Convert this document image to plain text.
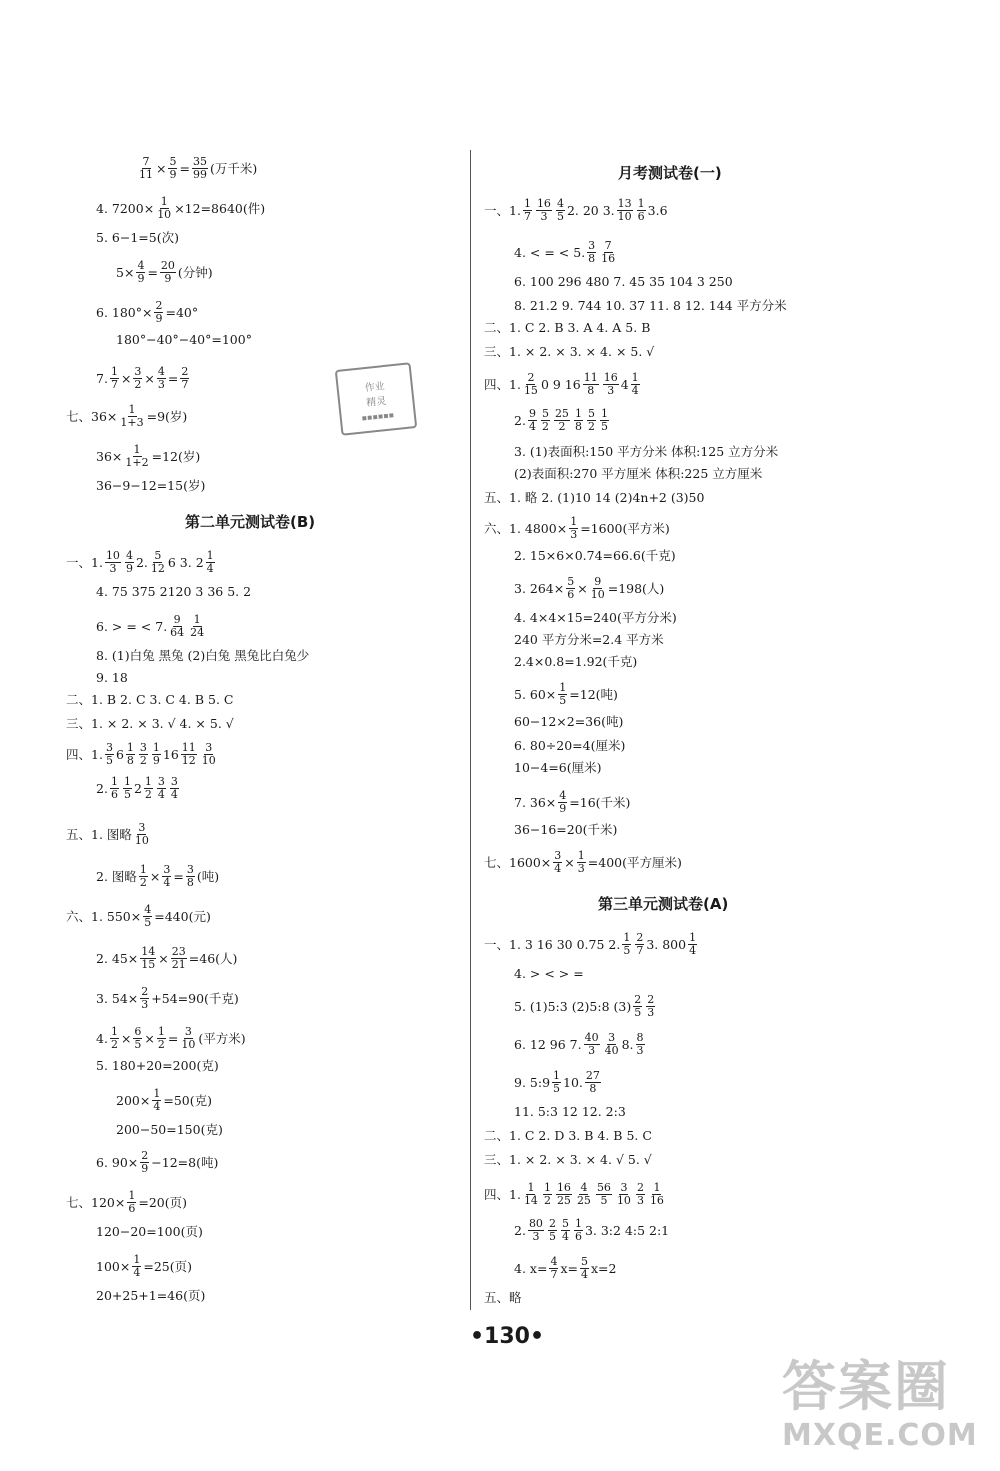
第二单元测试卷(B)
月考测试卷(一)
第三单元测试卷(A)
作业
精灵
▪▪▪▪▪▪
•130•
答案圈
MXQE.COM
$\frac{7}{11} \times \frac{5}{9} = \frac{35}{99}$ (万千米)
4. $7200\times \frac{1}{10} \times 12=8640$(件)
5. 6−1=5(次)
$5\times \frac{4}{9} = \frac{20}{9}$ (分钟)
6. $180^\circ\times \frac{2}{9} =40^\circ$
180°−40°−40°=100°
7. $\frac{1}{7} \times \frac{3}{2} \times \frac{4}{3} = \frac{2}{7}$
七、$36\times \frac{1}{1+3} =9$(岁)
$36\times \frac{1}{1+2} =12$(岁)
36−9−12=15(岁)
一、1. 10
3
4
9 2. 5
12 6 3. 2 1
4
4. 75 375 2120 3 36 5. 2
6. > = < 7. 9
64
1
24
8. (1)白兔 黑兔 (2)白兔 黑兔比白兔少
9. 18
二、1. B 2. C 3. C 4. B 5. C
三、1. × 2. × 3. √ 4. × 5. √
四、1. 3
5 6 1
8
3
2
1
9 16 11
12
3
10
2. 1
6
1
5 2 1
2
3
4
3
4
五、1. 图略 3
10
2. 图略 $\frac{1}{2} \times \frac{3}{4} = \frac{3}{8}$ (吨)
六、1. $550\times \frac{4}{5} =440$(元)
2. $45\times \frac{14}{15} \times \frac{23}{21} =46$(人)
3. $54\times \frac{2}{3} +54=90$(千克)
4. $\frac{1}{2} \times \frac{6}{5} \times \frac{1}{2} = \frac{3}{10}$ (平方米)
5. 180+20=200(克)
$200\times \frac{1}{4} =50$(克)
200−50=150(克)
6. $90\times \frac{2}{9} -12=8$(吨)
七、$120\times \frac{1}{6} =20$(页)
120−20=100(页)
$100\times \frac{1}{4} =25$(页)
20+25+1=46(页)
一、1. 1
7
16
3
4
5 2. 20 3. 13
10
1
6 3.6
4. < = < 5. 3
8
7
16
6. 100 296 480 7. 45 35 104 3 250
8. 21.2 9. 744 10. 37 11. 8 12. 144 平方分米
二、1. C 2. B 3. A 4. A 5. B
三、1. × 2. × 3. × 4. × 5. √
四、1. 2
15 0 9 16 11
8
16
3 4 1
4
2. 9
4
5
2
25
2
1
8
5
2
1
5
3. (1)表面积:150 平方分米 体积:125 立方分米
(2)表面积:270 平方厘米 体积:225 立方厘米
五、1. 略 2. (1)10 14 (2)4n+2 (3)50
六、1. $4800\times \frac{1}{3} =1600$(平方米)
2. 15×6×0.74=66.6(千克)
3. $264\times \frac{5}{6} \times \frac{9}{10} =198$(人)
4. 4×4×15=240(平方分米)
240 平方分米=2.4 平方米
2.4×0.8=1.92(千克)
5. $60\times \frac{1}{5} =12$(吨)
60−12×2=36(吨)
6. 80÷20=4(厘米)
10−4=6(厘米)
7. $36\times \frac{4}{9} =16$(千米)
36−16=20(千米)
七、$1600\times \frac{3}{4} \times \frac{1}{3} =400$(平方厘米)
一、1. 3 16 30 0.75 2. 1
5
2
7 3. 800 1
4
4. > < > =
5. (1)5:3 (2)5:8 (3) 2
5
2
3
6. 12 96 7. 40
3
3
40 8. 8
3
9. 5:9 1
5 10. 27
8
11. 5:3 12 12. 2:3
二、1. C 2. D 3. B 4. B 5. C
三、1. × 2. × 3. × 4. √ 5. √
四、1. 1
14
1
2
16
25
4
25
56
5
3
10
2
3
1
16
2. 80
3
2
5
5
4
1
6 3. 3:2 4:5 2:1
4. $x= \frac{4}{7} x= \frac{5}{4} x=2$
五、略
